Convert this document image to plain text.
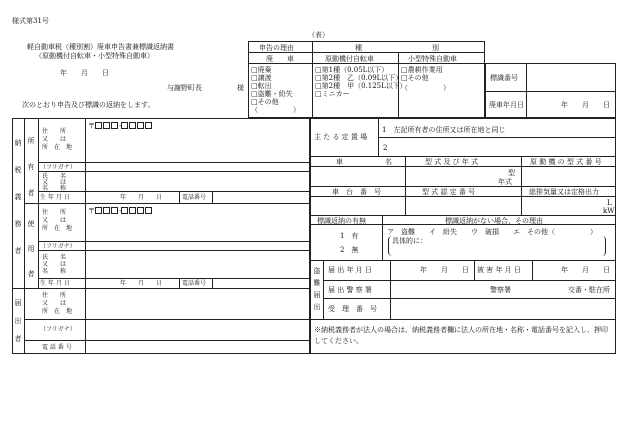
様式第31号
（表）
軽自動車税（種別割）廃車申告書兼標識返納書
（原動機付自転車・小型特殊自動車）
年　　月　　日
与謝野町長　　　　　様
次のとおり申告及び標識の返納をします。
申告の理由	種	別
廃　　車	原動機付自転車	小型特殊自動車
□廃棄
□譲渡
□転出
□盗難・紛失
□その他
（　　　　　）
□第1種（0.05L以下）
□第2種　乙（0.09L以下）
□第2種　甲（0.125L以下）
□ミニカー
□農耕作業用
□その他
（　　　　　）
標識番号
廃車年月日	年　　月　　日
納税義務者
所有者
使用者
届出者
住　　所
又　　は
所　在　地
〒	-
（フリガナ）
氏　　名
又　　は
名　　称
生 年 月 日	年　　月　　日	電話番号
住　　所
又　　は
所　在　地
〒	-
（フリガナ）
氏　　名
又　　は
名　　称
生 年 月 日	年　　月　　日	電話番号
住　　所
又　　は
所　在　地
（フリガナ）
電 話 番 号
主 た る 定 置 場
1　左記所有者の住所又は所在地と同じ
2
車　　　　　　名	型 式 及 び 年 式	原 動 機 の 型 式 番 号
型
年式
車　台　番　号	型 式 認 定 番 号	総排気量又は定格出力
L
kW
標識返納の有無	標識返納がない場合、その理由
1　有
2　無
ア　盗難　　イ　紛失　　ウ　破損　　エ　その他（　　　　　）
具体的に：
盗難届出
届 出 年 月 日	年　　月　　日 被 害 年 月 日	年　　月　　日
届 出 警 察 署	警察署	交番・駐在所
受　理　番　号
※納税義務者が法人の場合は、納税義務者欄に法人の所在地・名称・電話番号を記入し、押印してください。
